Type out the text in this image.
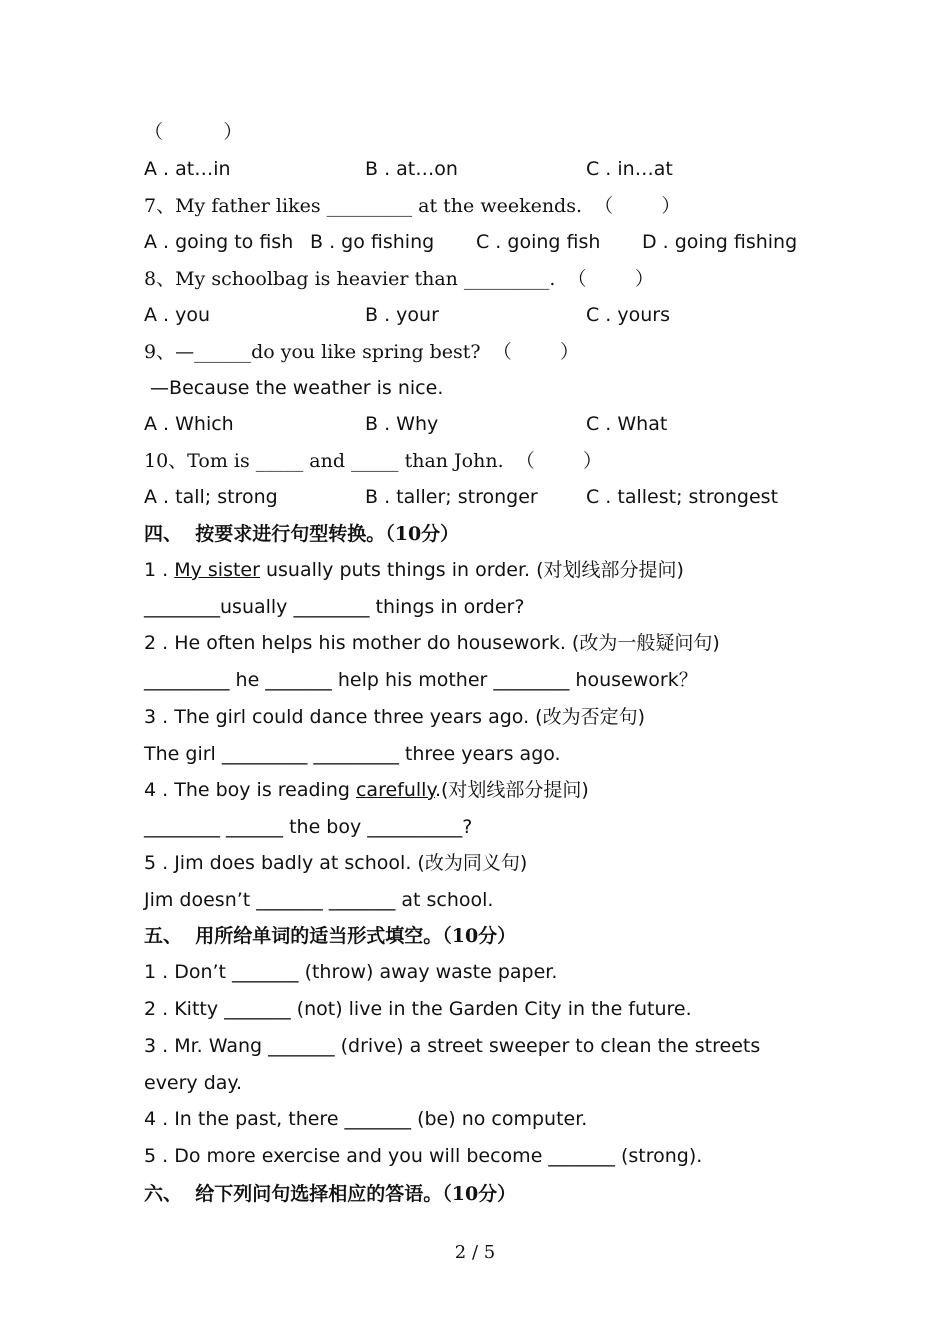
（          ）

A . at…in

	B . at…on

	C . in…at

7、My father likes _________ at the weekends.  （        ）

A . going to fish

B . go fishing

C . going fish

D . going fishing

8、My schoolbag is heavier than _________.  （        ）

A . you

	B . your

	C . yours

9、—______do you like spring best?  （        ）
—Because the weather is nice.

A . Which

	B . Why

	C . What

10、Tom is _____ and _____ than John.  （        ）

A . tall; strong

	B . taller; stronger

	C . tallest; strongest

四、  按要求进行句型转换。（10分）
1 . My sister usually puts things in order. (对划线部分提问)
________usually ________ things in order?
2 . He often helps his mother do housework. (改为一般疑问句)
_________ he _______ help his mother ________ housework？
3 . The girl could dance three years ago. (改为否定句)
The girl _________ _________ three years ago.
4 . The boy is reading carefully.(对划线部分提问)
________ ______ the boy __________?
5 . Jim does badly at school. (改为同义句)
Jim doesn’t _______ _______ at school.
五、  用所给单词的适当形式填空。（10分）
1 . Don’t _______ (throw) away waste paper.
2 . Kitty _______ (not) live in the Garden City in the future.
3 . Mr. Wang _______ (drive) a street sweeper to clean the streets
every day.
4 . In the past, there _______ (be) no computer.
5 . Do more exercise and you will become _______ (strong).
六、  给下列问句选择相应的答语。（10分）
2 / 5
